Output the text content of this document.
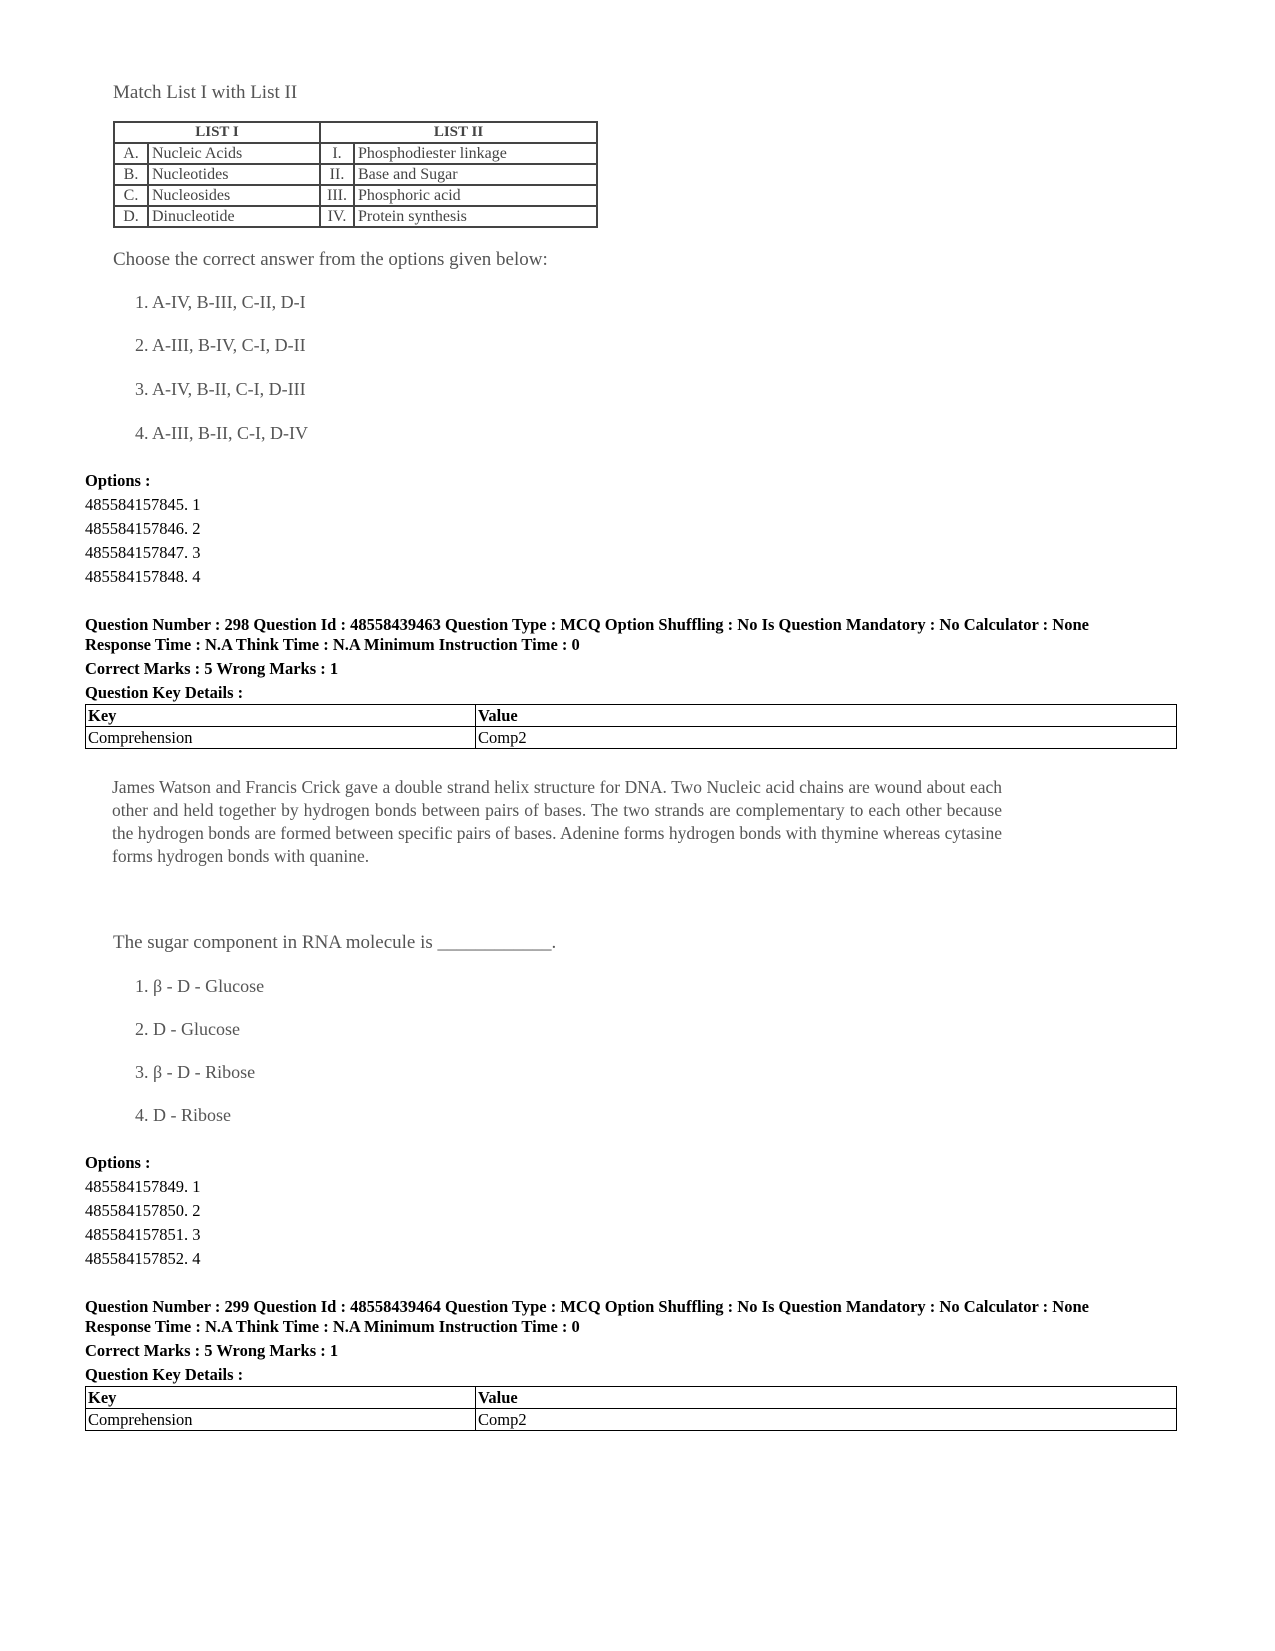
Match List I with List II
LIST I		LIST II	
A.	Nucleic Acids	I.	Phosphodiester linkage
B.	Nucleotides	II.	Base and Sugar
C.	Nucleosides	III.	Phosphoric acid
D.	Dinucleotide	IV.	Protein synthesis
Choose the correct answer from the options given below:
1. A-IV, B-III, C-II, D-I
2. A-III, B-IV, C-I, D-II
3. A-IV, B-II, C-I, D-III
4. A-III, B-II, C-I, D-IV
Options :
485584157845. 1
485584157846. 2
485584157847. 3
485584157848. 4
Question Number : 298 Question Id : 48558439463 Question Type : MCQ Option Shuffling : No Is Question Mandatory : No Calculator : None
Response Time : N.A Think Time : N.A Minimum Instruction Time : 0
Correct Marks : 5 Wrong Marks : 1
Question Key Details :
Key	Value
Comprehension	Comp2
James Watson and Francis Crick gave a double strand helix structure for DNA. Two Nucleic acid chains are wound about each other and held together by hydrogen bonds between pairs of bases. The two strands are complementary to each other because the hydrogen bonds are formed between specific pairs of bases. Adenine forms hydrogen bonds with thymine whereas cytasine forms hydrogen bonds with quanine.
The sugar component in RNA molecule is ____________.
1. β - D - Glucose
2. D - Glucose
3. β - D - Ribose
4. D - Ribose
Options :
485584157849. 1
485584157850. 2
485584157851. 3
485584157852. 4
Question Number : 299 Question Id : 48558439464 Question Type : MCQ Option Shuffling : No Is Question Mandatory : No Calculator : None
Response Time : N.A Think Time : N.A Minimum Instruction Time : 0
Correct Marks : 5 Wrong Marks : 1
Question Key Details :
Key	Value
Comprehension	Comp2
